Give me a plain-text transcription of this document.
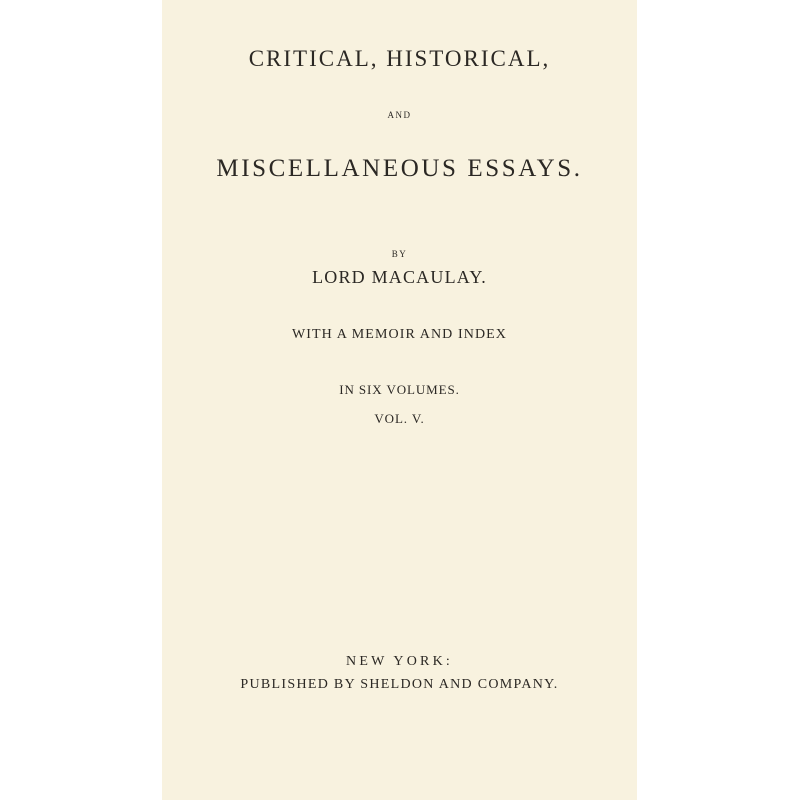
CRITICAL, HISTORICAL,
AND
MISCELLANEOUS ESSAYS.
BY
LORD MACAULAY.
WITH A MEMOIR AND INDEX
IN SIX VOLUMES.
VOL. V.
NEW YORK:
PUBLISHED BY SHELDON AND COMPANY.
